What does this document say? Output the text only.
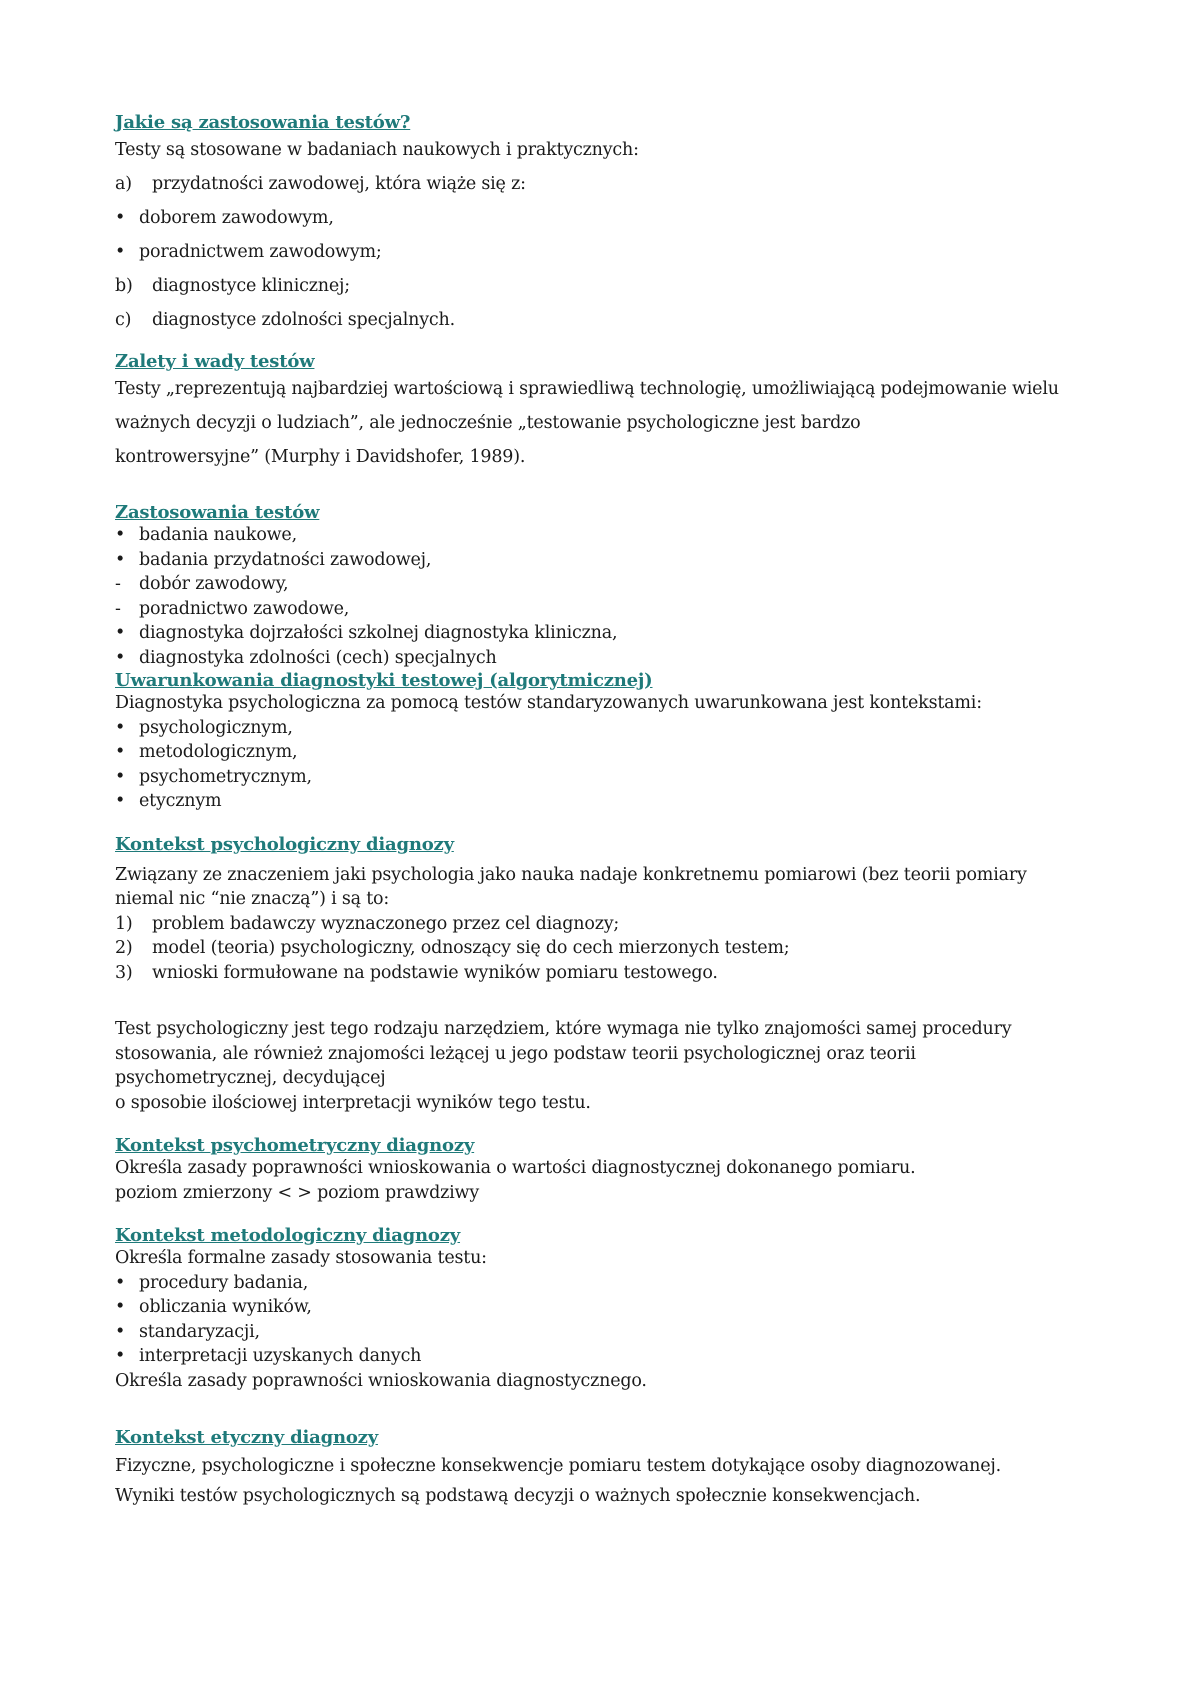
Jakie są zastosowania testów?
Testy są stosowane w badaniach naukowych i praktycznych:
a)	przydatności zawodowej, która wiąże się z:
• doborem zawodowym,
• poradnictwem zawodowym;
b)	diagnostyce klinicznej;
c)	diagnostyce zdolności specjalnych.
Zalety i wady testów
Testy „reprezentują najbardziej wartościową i sprawiedliwą technologię, umożliwiającą podejmowanie wielu
ważnych decyzji o ludziach”, ale jednocześnie „testowanie psychologiczne jest bardzo
kontrowersyjne” (Murphy i Davidshofer, 1989).
Zastosowania testów
• badania naukowe,
• badania przydatności zawodowej,
-	dobór zawodowy,
-	poradnictwo zawodowe,
• diagnostyka dojrzałości szkolnej diagnostyka kliniczna,
• diagnostyka zdolności (cech) specjalnych
Uwarunkowania diagnostyki testowej (algorytmicznej)
Diagnostyka psychologiczna za pomocą testów standaryzowanych uwarunkowana jest kontekstami:
• psychologicznym,
• metodologicznym,
• psychometrycznym,
• etycznym
Kontekst psychologiczny diagnozy
Związany ze znaczeniem jaki psychologia jako nauka nadaje konkretnemu pomiarowi (bez teorii pomiary
niemal nic “nie znaczą”) i są to:
1)	problem badawczy wyznaczonego przez cel diagnozy;
2)	model (teoria) psychologiczny, odnoszący się do cech mierzonych testem;
3)	wnioski formułowane na podstawie wyników pomiaru testowego.
Test psychologiczny jest tego rodzaju narzędziem, które wymaga nie tylko znajomości samej procedury
stosowania, ale również znajomości leżącej u jego podstaw teorii psychologicznej oraz teorii
psychometrycznej, decydującej
o sposobie ilościowej interpretacji wyników tego testu.
Kontekst psychometryczny diagnozy
Określa zasady poprawności wnioskowania o wartości diagnostycznej dokonanego pomiaru.
poziom zmierzony < > poziom prawdziwy
Kontekst metodologiczny diagnozy
Określa formalne zasady stosowania testu:
• procedury badania,
• obliczania wyników,
• standaryzacji,
• interpretacji uzyskanych danych
Określa zasady poprawności wnioskowania diagnostycznego.
Kontekst etyczny diagnozy
Fizyczne, psychologiczne i społeczne konsekwencje pomiaru testem dotykające osoby diagnozowanej.
Wyniki testów psychologicznych są podstawą decyzji o ważnych społecznie konsekwencjach.
